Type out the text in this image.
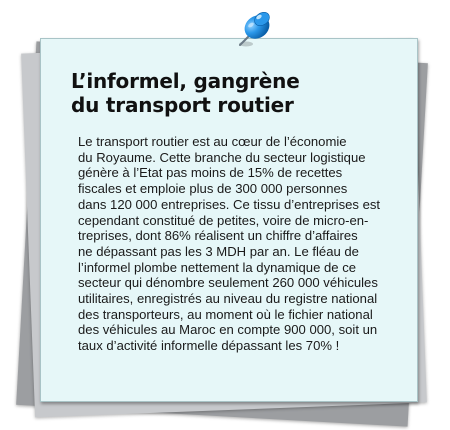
L’informel, gangrène
du transport routier
Le transport routier est au cœur de l’économie
du Royaume. Cette branche du secteur logistique
génère à l’Etat pas moins de 15% de recettes
fiscales et emploie plus de 300 000 personnes
dans 120 000 entreprises. Ce tissu d’entreprises est
cependant constitué de petites, voire de micro-en-
treprises, dont 86% réalisent un chiffre d’affaires
ne dépassant pas les 3 MDH par an. Le fléau de
l’informel plombe nettement la dynamique de ce
secteur qui dénombre seulement 260 000 véhicules
utilitaires, enregistrés au niveau du registre national
des transporteurs, au moment où le fichier national
des véhicules au Maroc en compte 900 000, soit un
taux d’activité informelle dépassant les 70% !
